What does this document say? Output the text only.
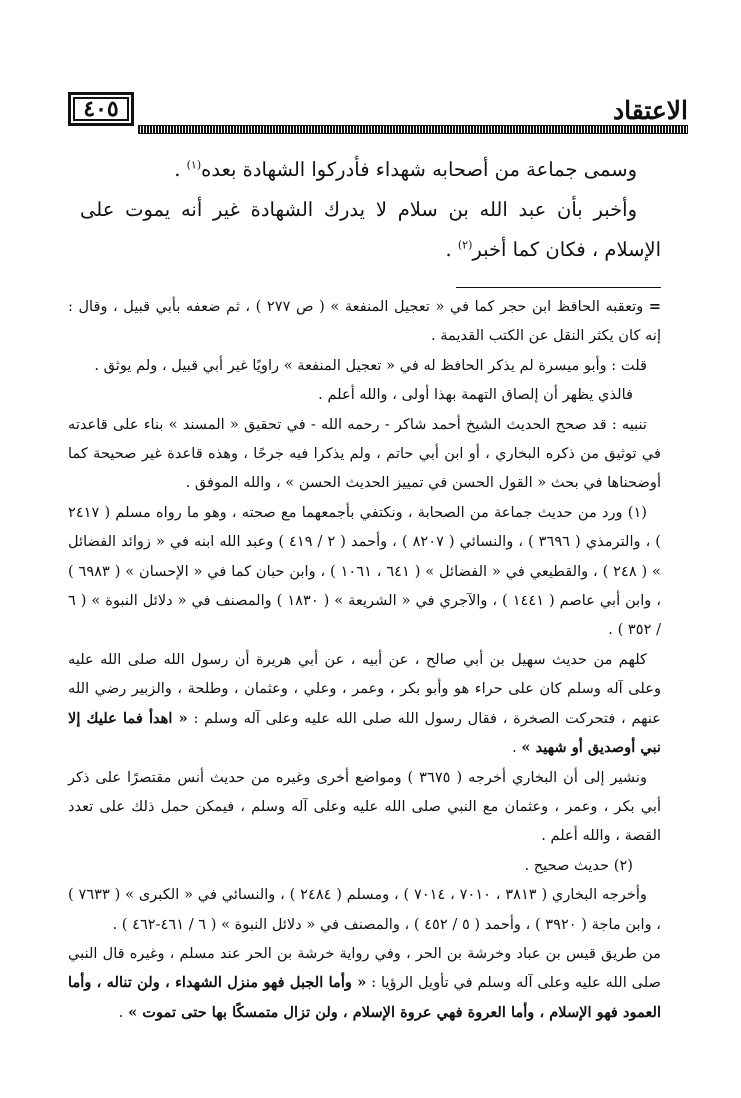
الاعتقاد
٤٠٥

وسمى جماعة من أصحابه شهداء فأدركوا الشهادة بعده$^{(١)}$ .

وأخبر بأن عبد الله بن سلام لا يدرك الشهادة غير أنه يموت على الإسلام ، فكان كما أخبر$^{(٢)}$ .

= وتعقبه الحافظ ابن حجر كما في « تعجيل المنفعة » ( ص ٢٧٧ ) ، ثم ضعفه بأبي قبيل ، وقال : إنه كان يكثر النقل عن الكتب القديمة .

قلت : وأبو ميسرة لم يذكر الحافظ له في « تعجيل المنفعة » راويًا غير أبي قبيل ، ولم يوثق .

فالذي يظهر أن إلصاق التهمة بهذا أولى ، والله أعلم .

تنبيه : قد صحح الحديث الشيخ أحمد شاكر - رحمه الله - في تحقيق « المسند » بناء على قاعدته في توثيق من ذكره البخاري ، أو ابن أبي حاتم ، ولم يذكرا فيه جرحًا ، وهذه قاعدة غير صحيحة كما أوضحناها في بحث « القول الحسن في تمييز الحديث الحسن » ، والله الموفق .

(١) ورد من حديث جماعة من الصحابة ، ونكتفي بأجمعهما مع صحته ، وهو ما رواه مسلم ( ٢٤١٧ ) ، والترمذي ( ٣٦٩٦ ) ، والنسائي ( ٨٢٠٧ ) ، وأحمد ( ٢ / ٤١٩ ) وعبد الله ابنه في « زوائد الفضائل » ( ٢٤٨ ) ، والقطيعي في « الفضائل » ( ٦٤١ ، ١٠٦١ ) ، وابن حبان كما في « الإحسان » ( ٦٩٨٣ ) ، وابن أبي عاصم ( ١٤٤١ ) ، والآجري في « الشريعة » ( ١٨٣٠ ) والمصنف في « دلائل النبوة » ( ٦ / ٣٥٢ ) .

كلهم من حديث سهيل بن أبي صالح ، عن أبيه ، عن أبي هريرة أن رسول الله صلى الله عليه وعلى آله وسلم كان على حراء هو وأبو بكر ، وعمر ، وعلي ، وعثمان ، وطلحة ، والزبير رضي الله عنهم ، فتحركت الصخرة ، فقال رسول الله صلى الله عليه وعلى آله وسلم : « اهدأ فما عليك إلا نبي أوصديق أو شهيد » .

ونشير إلى أن البخاري أخرجه ( ٣٦٧٥ ) ومواضع أخرى وغيره من حديث أنس مقتصرًا على ذكر أبي بكر ، وعمر ، وعثمان مع النبي صلى الله عليه وعلى آله وسلم ، فيمكن حمل ذلك على تعدد القصة ، والله أعلم .

(٢) حديث صحيح .

وأخرجه البخاري ( ٣٨١٣ ، ٧٠١٠ ، ٧٠١٤ ) ، ومسلم ( ٢٤٨٤ ) ، والنسائي في « الكبرى » ( ٧٦٣٣ ) ، وابن ماجة ( ٣٩٢٠ ) ، وأحمد ( ٥ / ٤٥٢ ) ، والمصنف في « دلائل النبوة » ( ٦ / ٤٦١-٤٦٢ ) .

من طريق قيس بن عباد وخرشة بن الحر ، وفي رواية خرشة بن الحر عند مسلم ، وغيره قال النبي صلى الله عليه وعلى آله وسلم في تأويل الرؤيا : « وأما الجبل فهو منزل الشهداء ، ولن تناله ، وأما العمود فهو الإسلام ، وأما العروة فهي عروة الإسلام ، ولن تزال متمسكًا بها حتى تموت » .
